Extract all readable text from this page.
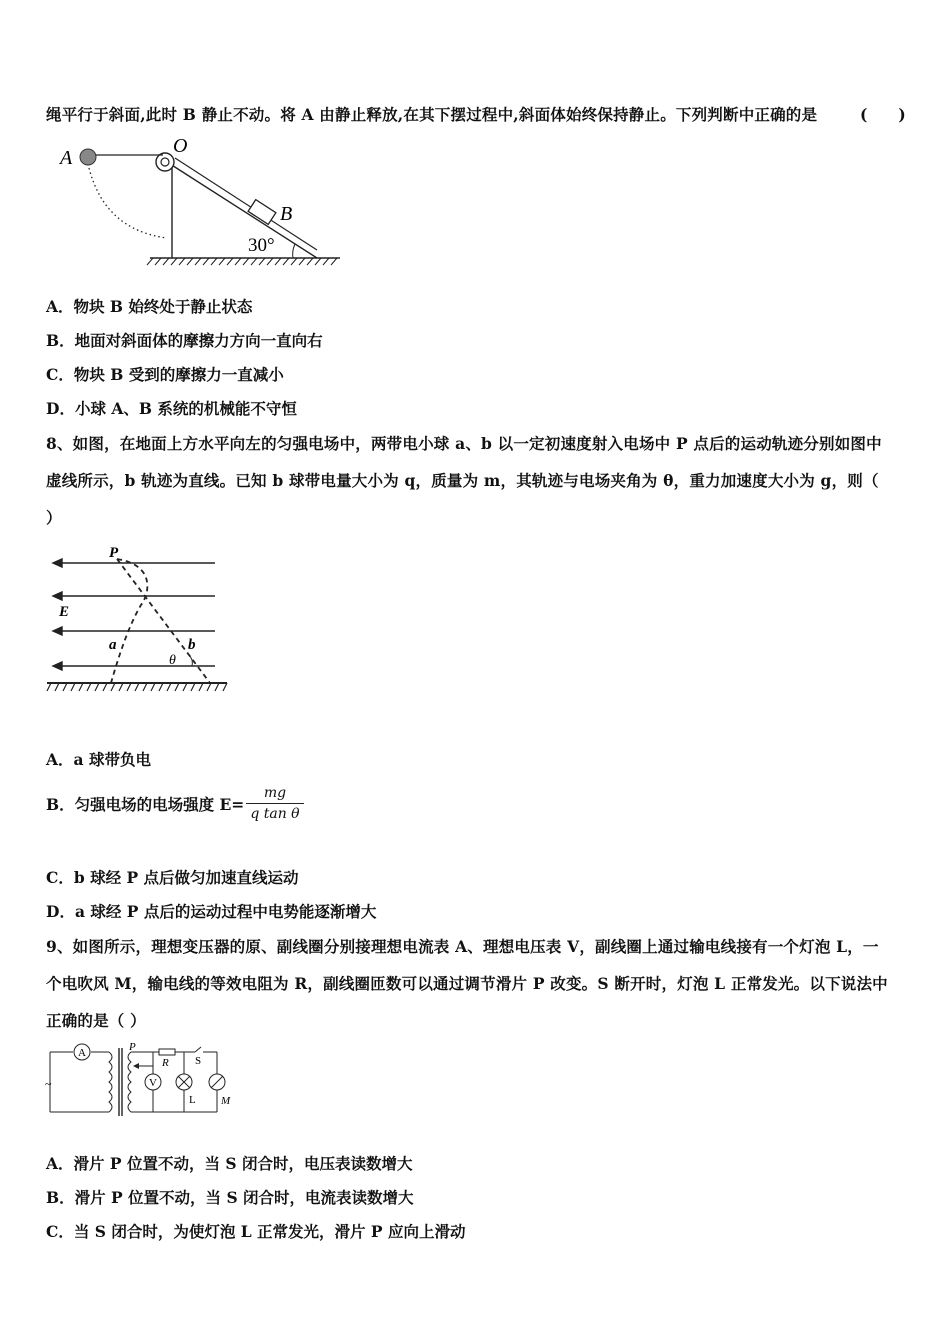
绳平行于斜面,此时 B 静止不动。将 A 由静止释放,在其下摆过程中,斜面体始终保持静止。下列判断中正确的是	(　　)
A
O
B
30°
A．物块 B 始终处于静止状态
B．地面对斜面体的摩擦力方向一直向右
C．物块 B 受到的摩擦力一直减小
D．小球 A、B 系统的机械能不守恒
8、如图，在地面上方水平向左的匀强电场中，两带电小球 a、b 以一定初速度射入电场中 P 点后的运动轨迹分别如图中
虚线所示，b 轨迹为直线。已知 b 球带电量大小为 q，质量为 m，其轨迹与电场夹角为 θ，重力加速度大小为 g，则（
）
P
E
a	b
θ
A．a 球带负电
B．匀强电场的电场强度 $E= \frac{mg}{\text{q tan θ}}$
C．b 球经 P 点后做匀加速直线运动
D．a 球经 P 点后的运动过程中电势能逐渐增大
9、如图所示，理想变压器的原、副线圈分别接理想电流表 A、理想电压表 V，副线圈上通过输电线接有一个灯泡 L，一
个电吹风 M，输电线的等效电阻为 R，副线圈匝数可以通过调节滑片 P 改变。S 断开时，灯泡 L 正常发光。以下说法中
正确的是（ ）
A
V
P
R S
L M
~
A．滑片 P 位置不动，当 S 闭合时，电压表读数增大
B．滑片 P 位置不动，当 S 闭合时，电流表读数增大
C．当 S 闭合时，为使灯泡 L 正常发光，滑片 P 应向上滑动
